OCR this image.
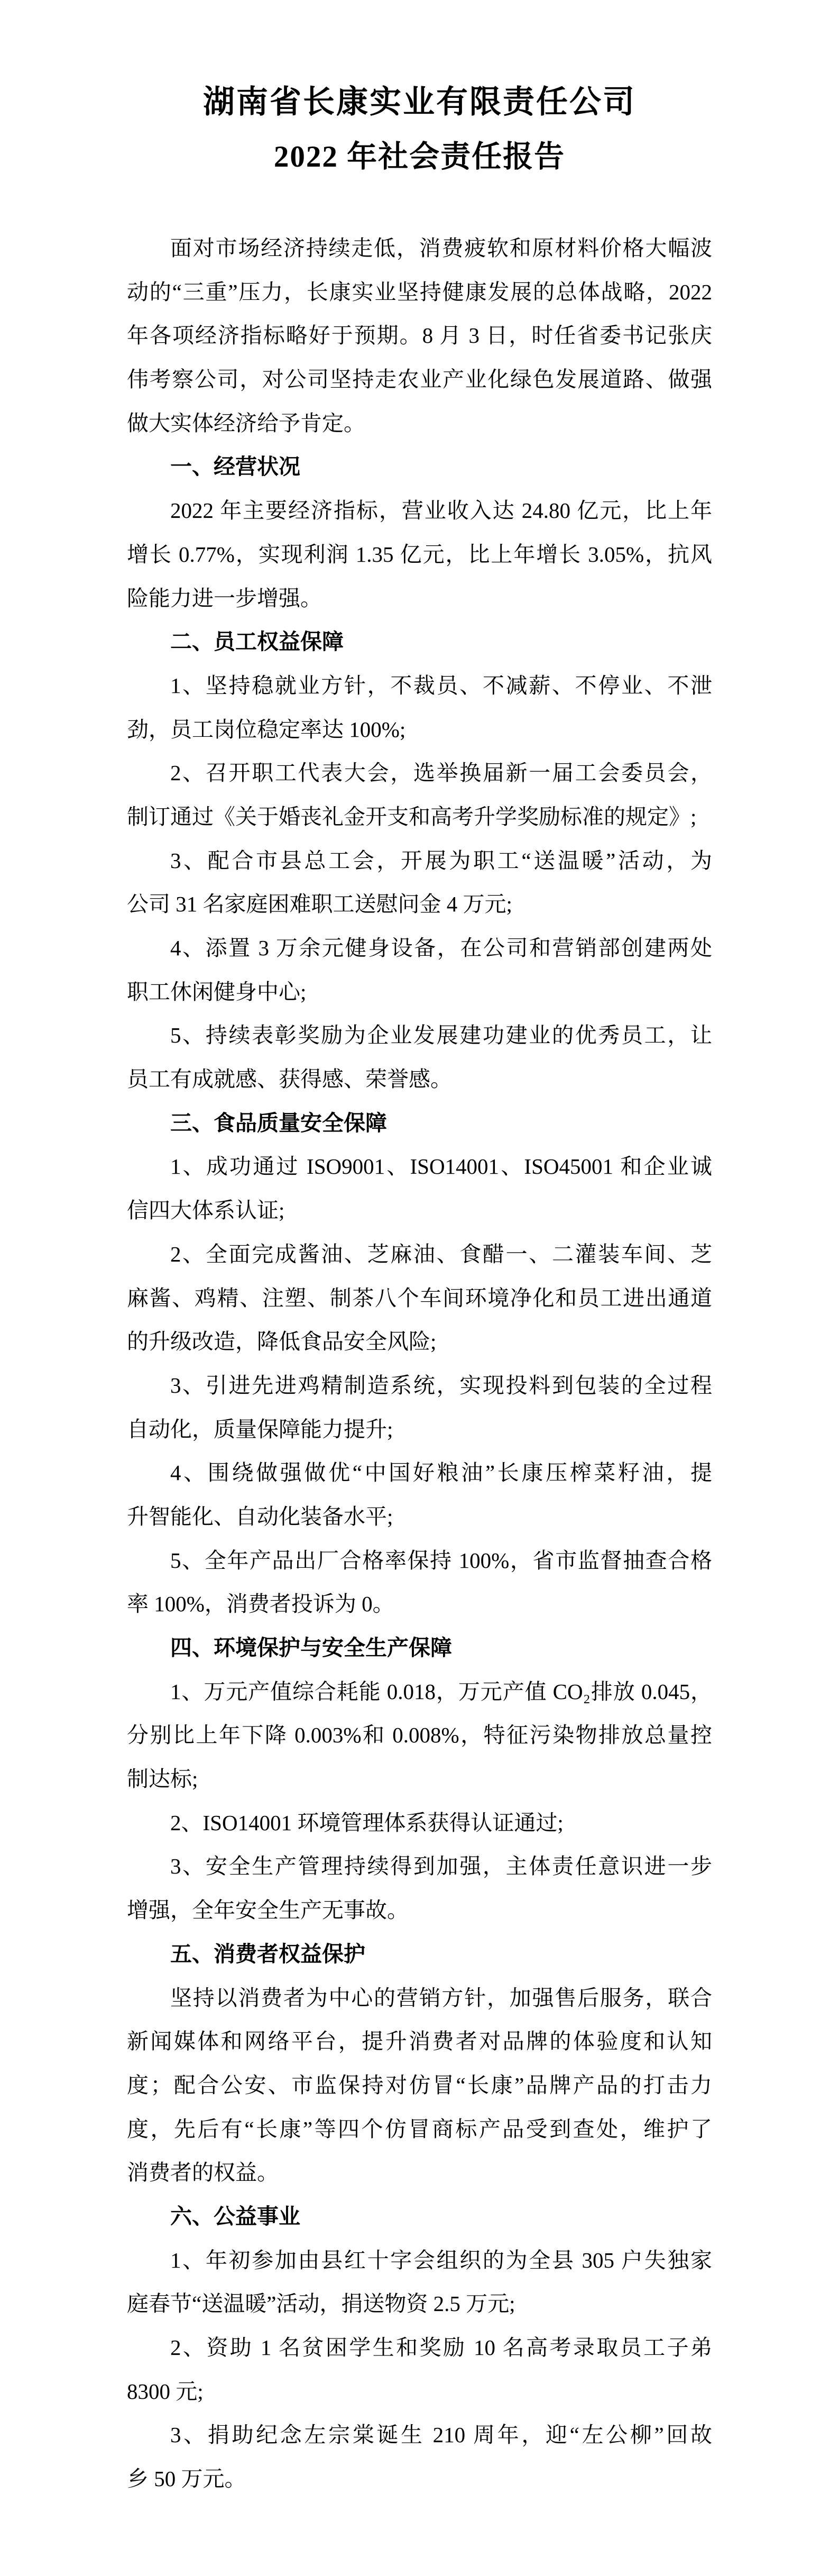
湖南省长康实业有限责任公司
2022 年社会责任报告
面对市场经济持续走低，消费疲软和原材料价格大幅波
动的“三重”压力，长康实业坚持健康发展的总体战略，2022
年各项经济指标略好于预期。8 月 3 日，时任省委书记张庆
伟考察公司，对公司坚持走农业产业化绿色发展道路、做强
做大实体经济给予肯定。
一、经营状况
2022 年主要经济指标，营业收入达 24.80 亿元，比上年
增长 0.77%，实现利润 1.35 亿元，比上年增长 3.05%，抗风
险能力进一步增强。
二、员工权益保障
1、坚持稳就业方针，不裁员、不减薪、不停业、不泄
劲，员工岗位稳定率达 100%;
2、召开职工代表大会，选举换届新一届工会委员会，
制订通过《关于婚丧礼金开支和高考升学奖励标准的规定》;
3、配合市县总工会，开展为职工“送温暖”活动，为
公司 31 名家庭困难职工送慰问金 4 万元;
4、添置 3 万余元健身设备，在公司和营销部创建两处
职工休闲健身中心;
5、持续表彰奖励为企业发展建功建业的优秀员工，让
员工有成就感、获得感、荣誉感。
三、食品质量安全保障
1、成功通过 ISO9001、ISO14001、ISO45001 和企业诚
信四大体系认证;
2、全面完成酱油、芝麻油、食醋一、二灌装车间、芝
麻酱、鸡精、注塑、制茶八个车间环境净化和员工进出通道
的升级改造，降低食品安全风险;
3、引进先进鸡精制造系统，实现投料到包装的全过程
自动化，质量保障能力提升;
4、围绕做强做优“中国好粮油”长康压榨菜籽油，提
升智能化、自动化装备水平;
5、全年产品出厂合格率保持 100%，省市监督抽查合格
率 100%，消费者投诉为 0。
四、环境保护与安全生产保障
1、万元产值综合耗能 0.018，万元产值 CO₂排放 0.045，
分别比上年下降 0.003%和 0.008%，特征污染物排放总量控
制达标;
2、ISO14001 环境管理体系获得认证通过;
3、安全生产管理持续得到加强，主体责任意识进一步
增强，全年安全生产无事故。
五、消费者权益保护
坚持以消费者为中心的营销方针，加强售后服务，联合
新闻媒体和网络平台，提升消费者对品牌的体验度和认知
度；配合公安、市监保持对仿冒“长康”品牌产品的打击力
度，先后有“长康”等四个仿冒商标产品受到查处，维护了
消费者的权益。
六、公益事业
1、年初参加由县红十字会组织的为全县 305 户失独家
庭春节“送温暖”活动，捐送物资 2.5 万元;
2、资助 1 名贫困学生和奖励 10 名高考录取员工子弟
8300 元;
3、捐助纪念左宗棠诞生 210 周年，迎“左公柳”回故
乡 50 万元。
